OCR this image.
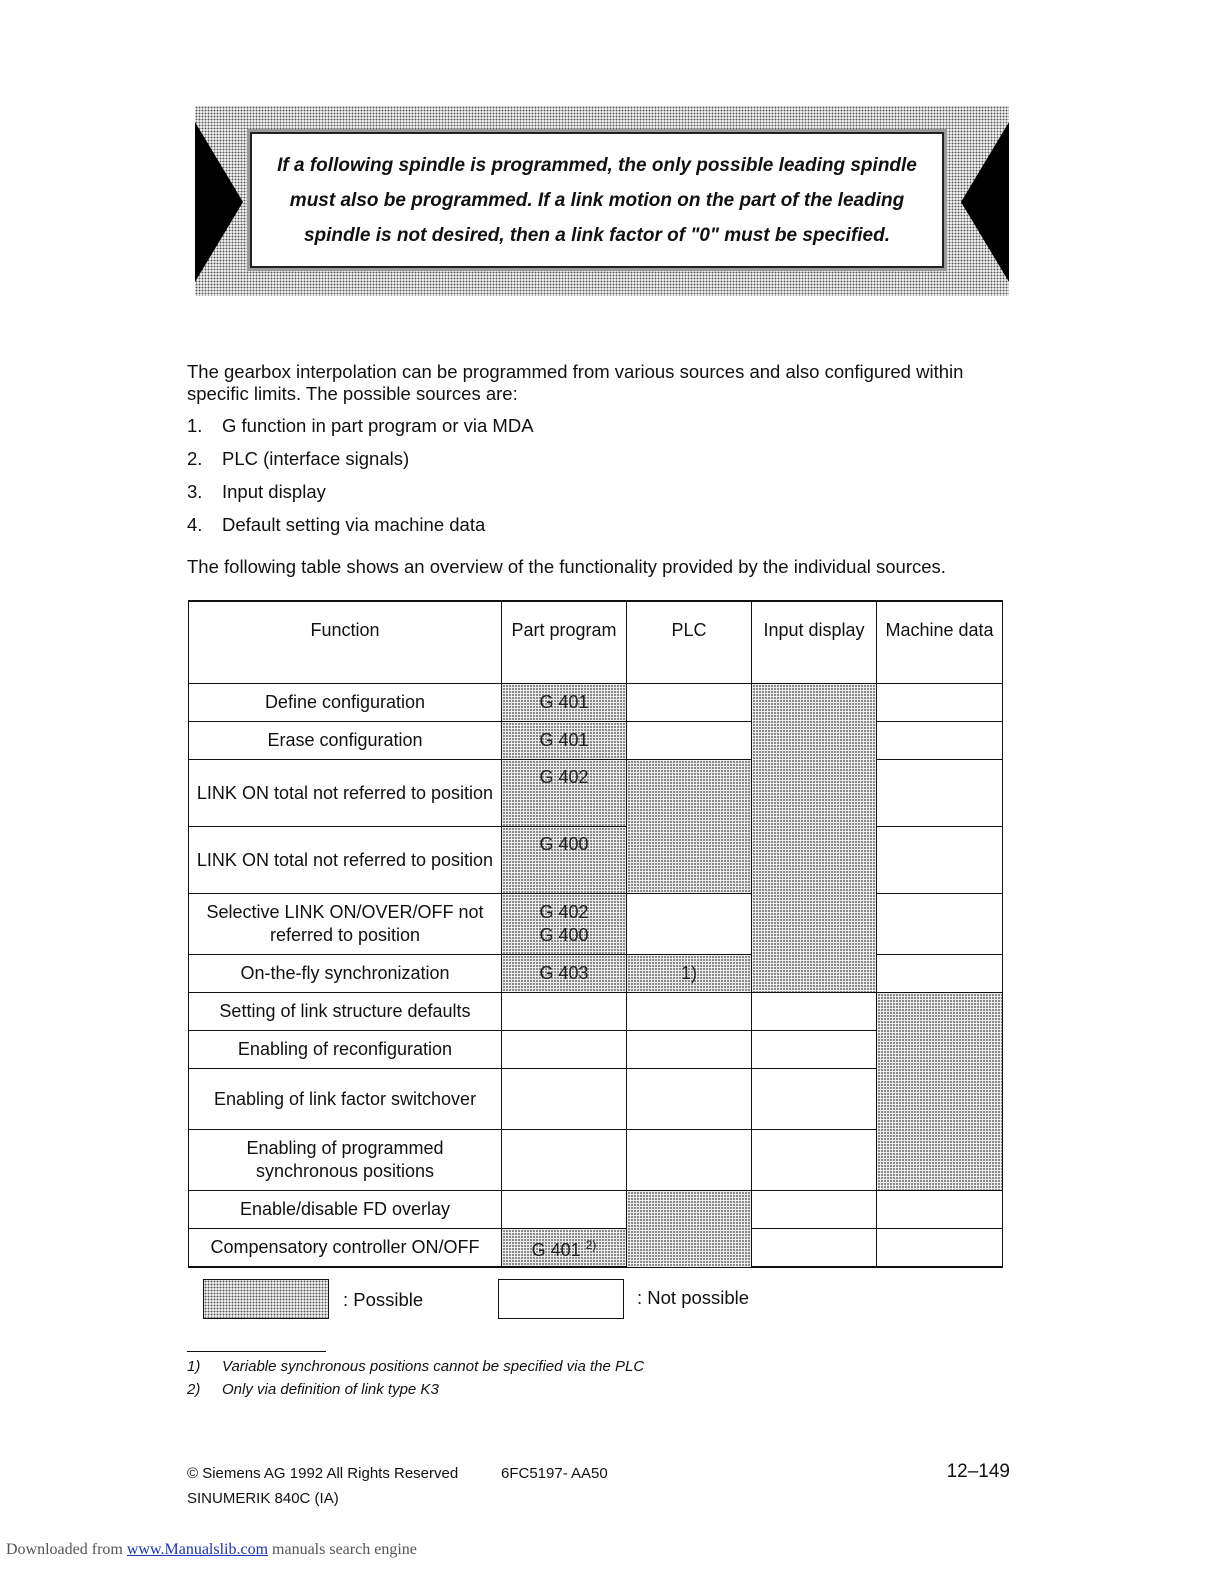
If a following spindle is programmed, the only possible leading spindle
must also be programmed. If a link motion on the part of the leading
spindle is not desired, then a link factor of "0" must be specified.

The gearbox interpolation can be programmed from various sources and also configured within specific limits. The possible sources are:

1.	G function in part program or via MDA
2.	PLC (interface signals)
3.	Input display
4.	Default setting via machine data

The following table shows an overview of the functionality provided by the individual sources.

Function	Part program	PLC	Input display	Machine data
Define configuration	G 401			
Erase configuration	G 401			
LINK ON total not referred to position	G 402			
LINK ON total not referred to position	G 400			
Selective LINK ON/OVER/OFF not referred to position	G 402
G 400			
On-the-fly synchronization	G 403	1)		
Setting of link structure defaults				
Enabling of reconfiguration				
Enabling of link factor switchover				
Enabling of programmed synchronous positions				
Enable/disable FD overlay				
Compensatory controller ON/OFF	G 401 $^{2)}$		
: Possible	: Not possible
1)	Variable synchronous positions cannot be specified via the PLC
2)	Only via definition of link type K3
© Siemens AG 1992 All Rights Reserved	6FC5197- AA50	12–149
SINUMERIK 840C (IA)
Downloaded from www.Manualslib.com manuals search engine
